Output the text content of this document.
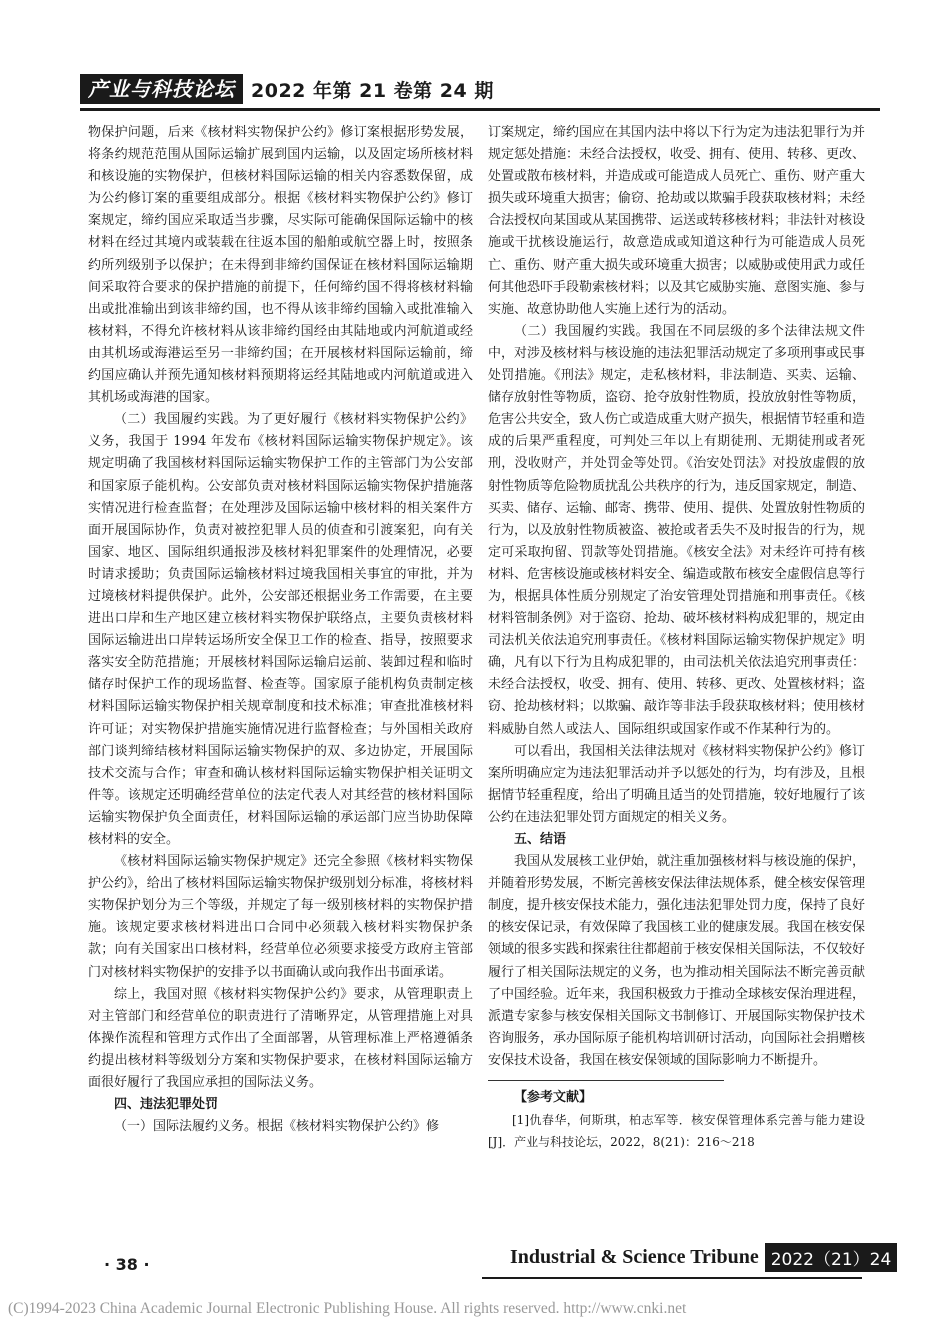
产业与科技论坛 2022 年第 21 卷第 24 期

物保护问题，后来《核材料实物保护公约》修订案根据形势发展，将条约规范范围从国际运输扩展到国内运输，以及固定场所核材料和核设施的实物保护，但核材料国际运输的相关内容悉数保留，成为公约修订案的重要组成部分。根据《核材料实物保护公约》修订案规定，缔约国应采取适当步骤，尽实际可能确保国际运输中的核材料在经过其境内或装载在往返本国的船舶或航空器上时，按照条约所列级别予以保护；在未得到非缔约国保证在核材料国际运输期间采取符合要求的保护措施的前提下，任何缔约国不得将核材料输出或批准输出到该非缔约国，也不得从该非缔约国输入或批准输入核材料，不得允许核材料从该非缔约国经由其陆地或内河航道或经由其机场或海港运至另一非缔约国；在开展核材料国际运输前，缔约国应确认并预先通知核材料预期将运经其陆地或内河航道或进入其机场或海港的国家。

（二）我国履约实践。为了更好履行《核材料实物保护公约》义务，我国于 1994 年发布《核材料国际运输实物保护规定》。该规定明确了我国核材料国际运输实物保护工作的主管部门为公安部和国家原子能机构。公安部负责对核材料国际运输实物保护措施落实情况进行检查监督；在处理涉及国际运输中核材料的相关案件方面开展国际协作，负责对被控犯罪人员的侦查和引渡案犯，向有关国家、地区、国际组织通报涉及核材料犯罪案件的处理情况，必要时请求援助；负责国际运输核材料过境我国相关事宜的审批，并为过境核材料提供保护。此外，公安部还根据业务工作需要，在主要进出口岸和生产地区建立核材料实物保护联络点，主要负责核材料国际运输进出口岸转运场所安全保卫工作的检查、指导，按照要求落实安全防范措施；开展核材料国际运输启运前、装卸过程和临时储存时保护工作的现场监督、检查等。国家原子能机构负责制定核材料国际运输实物保护相关规章制度和技术标准；审查批准核材料许可证；对实物保护措施实施情况进行监督检查；与外国相关政府部门谈判缔结核材料国际运输实物保护的双、多边协定，开展国际技术交流与合作；审查和确认核材料国际运输实物保护相关证明文件等。该规定还明确经营单位的法定代表人对其经营的核材料国际运输实物保护负全面责任，材料国际运输的承运部门应当协助保障核材料的安全。

《核材料国际运输实物保护规定》还完全参照《核材料实物保护公约》，给出了核材料国际运输实物保护级别划分标准，将核材料实物保护划分为三个等级，并规定了每一级别核材料的实物保护措施。该规定要求核材料进出口合同中必须载入核材料实物保护条款；向有关国家出口核材料，经营单位必须要求接受方政府主管部门对核材料实物保护的安排予以书面确认或向我作出书面承诺。

综上，我国对照《核材料实物保护公约》要求，从管理职责上对主管部门和经营单位的职责进行了清晰界定，从管理措施上对具体操作流程和管理方式作出了全面部署，从管理标准上严格遵循条约提出核材料等级划分方案和实物保护要求，在核材料国际运输方面很好履行了我国应承担的国际法义务。

四、违法犯罪处罚

（一）国际法履约义务。根据《核材料实物保护公约》修

订案规定，缔约国应在其国内法中将以下行为定为违法犯罪行为并规定惩处措施：未经合法授权，收受、拥有、使用、转移、更改、处置或散布核材料，并造成或可能造成人员死亡、重伤、财产重大损失或环境重大损害；偷窃、抢劫或以欺骗手段获取核材料；未经合法授权向某国或从某国携带、运送或转移核材料；非法针对核设施或干扰核设施运行，故意造成或知道这种行为可能造成人员死亡、重伤、财产重大损失或环境重大损害；以威胁或使用武力或任何其他恐吓手段勒索核材料；以及其它威胁实施、意图实施、参与实施、故意协助他人实施上述行为的活动。

（二）我国履约实践。我国在不同层级的多个法律法规文件中，对涉及核材料与核设施的违法犯罪活动规定了多项刑事或民事处罚措施。《刑法》规定，走私核材料，非法制造、买卖、运输、储存放射性等物质，盗窃、抢夺放射性物质，投放放射性等物质，危害公共安全，致人伤亡或造成重大财产损失，根据情节轻重和造成的后果严重程度，可判处三年以上有期徒刑、无期徒刑或者死刑，没收财产，并处罚金等处罚。《治安处罚法》对投放虚假的放射性物质等危险物质扰乱公共秩序的行为，违反国家规定，制造、买卖、储存、运输、邮寄、携带、使用、提供、处置放射性物质的行为，以及放射性物质被盗、被抢或者丢失不及时报告的行为，规定可采取拘留、罚款等处罚措施。《核安全法》对未经许可持有核材料、危害核设施或核材料安全、编造或散布核安全虚假信息等行为，根据具体性质分别规定了治安管理处罚措施和刑事责任。《核材料管制条例》对于盗窃、抢劫、破坏核材料构成犯罪的，规定由司法机关依法追究刑事责任。《核材料国际运输实物保护规定》明确，凡有以下行为且构成犯罪的，由司法机关依法追究刑事责任：未经合法授权，收受、拥有、使用、转移、更改、处置核材料；盗窃、抢劫核材料；以欺骗、敲诈等非法手段获取核材料；使用核材料威胁自然人或法人、国际组织或国家作或不作某种行为的。

可以看出，我国相关法律法规对《核材料实物保护公约》修订案所明确应定为违法犯罪活动并予以惩处的行为，均有涉及，且根据情节轻重程度，给出了明确且适当的处罚措施，较好地履行了该公约在违法犯罪处罚方面规定的相关义务。

五、结语

我国从发展核工业伊始，就注重加强核材料与核设施的保护，并随着形势发展，不断完善核安保法律法规体系，健全核安保管理制度，提升核安保技术能力，强化违法犯罪处罚力度，保持了良好的核安保记录，有效保障了我国核工业的健康发展。我国在核安保领域的很多实践和探索往往都超前于核安保相关国际法，不仅较好履行了相关国际法规定的义务，也为推动相关国际法不断完善贡献了中国经验。近年来，我国积极致力于推动全球核安保治理进程，派遣专家参与核安保相关国际文书制修订、开展国际实物保护技术咨询服务，承办国际原子能机构培训研讨活动，向国际社会捐赠核安保技术设备，我国在核安保领域的国际影响力不断提升。

【参考文献】

[1]仇春华，何斯琪，柏志军等．核安保管理体系完善与能力建设[J]．产业与科技论坛，2022，8(21)：216～218

· 38 ·	Industrial & Science Tribune 2022（21）24
(C)1994-2023 China Academic Journal Electronic Publishing House. All rights reserved. http://www.cnki.net
